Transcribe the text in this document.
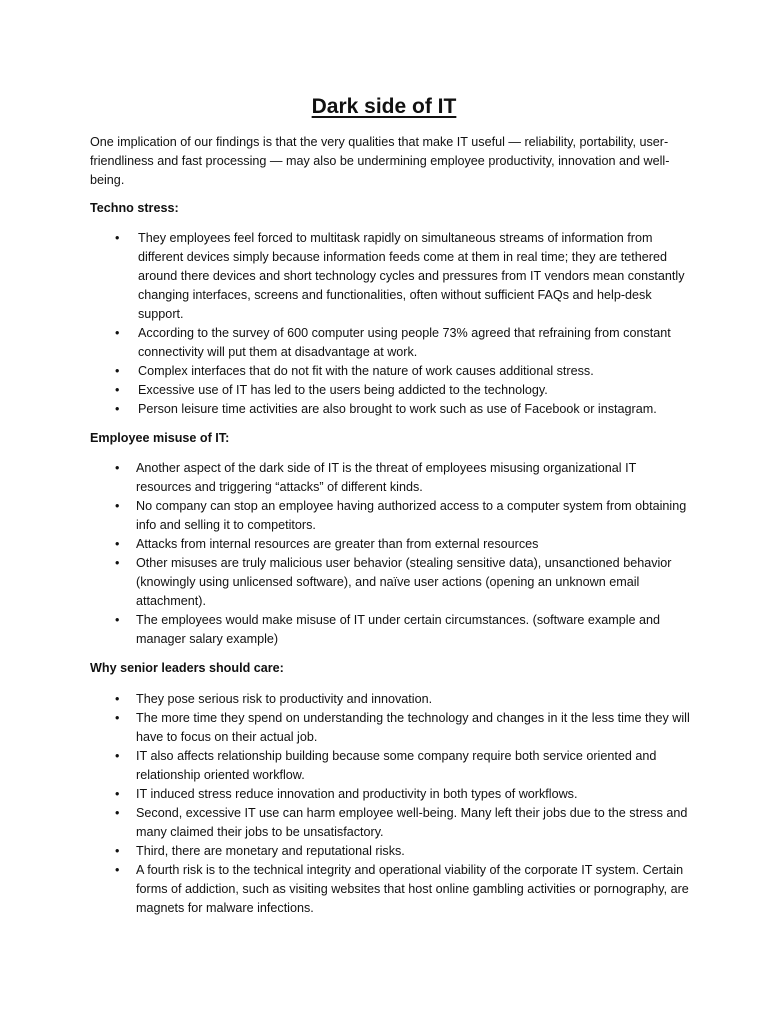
Dark side of IT

One implication of our findings is that the very qualities that make IT useful — reliability, portability, user-friendliness and fast processing — may also be undermining employee productivity, innovation and well-being.

Techno stress:

• They employees feel forced to multitask rapidly on simultaneous streams of information from different devices simply because information feeds come at them in real time; they are tethered around there devices and short technology cycles and pressures from IT vendors mean constantly changing interfaces, screens and functionalities, often without sufficient FAQs and help-desk support.
• According to the survey of 600 computer using people 73% agreed that refraining from constant connectivity will put them at disadvantage at work.
• Complex interfaces that do not fit with the nature of work causes additional stress.
• Excessive use of IT has led to the users being addicted to the technology.
• Person leisure time activities are also brought to work such as use of Facebook or instagram.

Employee misuse of IT:

• Another aspect of the dark side of IT is the threat of employees misusing organizational IT resources and triggering “attacks” of different kinds.
• No company can stop an employee having authorized access to a computer system from obtaining info and selling it to competitors.
• Attacks from internal resources are greater than from external resources
• Other misuses are truly malicious user behavior (stealing sensitive data), unsanctioned behavior (knowingly using unlicensed software), and naïve user actions (opening an unknown email attachment).
• The employees would make misuse of IT under certain circumstances. (software example and manager salary example)

Why senior leaders should care:

• They pose serious risk to productivity and innovation.
• The more time they spend on understanding the technology and changes in it the less time they will have to focus on their actual job.
• IT also affects relationship building because some company require both service oriented and relationship oriented workflow.
• IT induced stress reduce innovation and productivity in both types of workflows.
• Second, excessive IT use can harm employee well-being. Many left their jobs due to the stress and many claimed their jobs to be unsatisfactory.
• Third, there are monetary and reputational risks.
• A fourth risk is to the technical integrity and operational viability of the corporate IT system. Certain forms of addiction, such as visiting websites that host online gambling activities or pornography, are magnets for malware infections.
